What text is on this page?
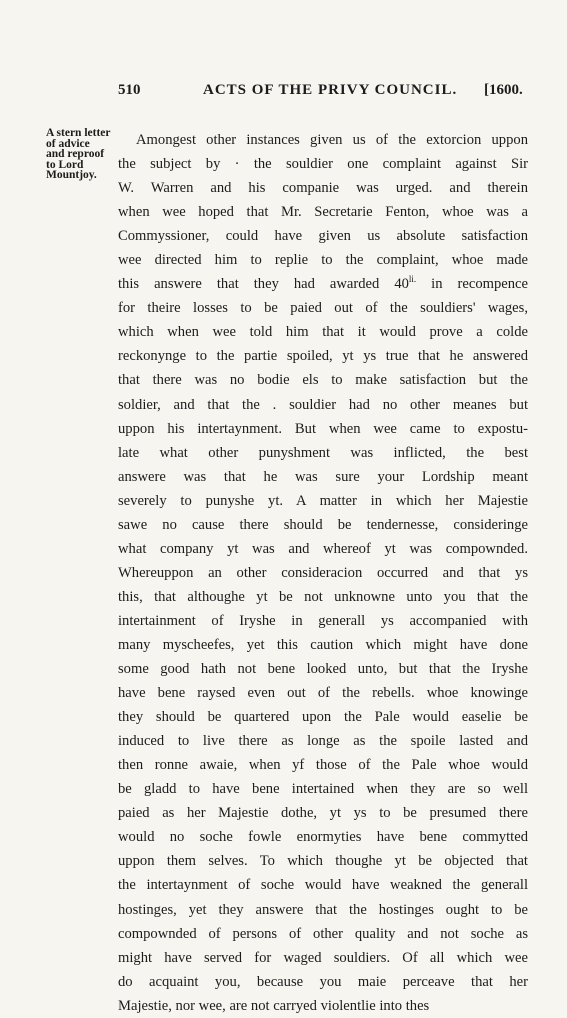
510	ACTS OF THE PRIVY COUNCIL. [1600.
A stern letter
of advice
and reproof
to Lord
Mountjoy.
Amongest other instances given us of the extorcion uppon
the subject by · the souldier one complaint against Sir
W. Warren and his companie was urged. and therein
when wee hoped that Mr. Secretarie Fenton, whoe was a
Commyssioner, could have given us absolute satisfaction
wee directed him to replie to the complaint, whoe made
this answere that they had awarded $40^{li.}$ in recompence
for theire losses to be paied out of the souldiers' wages,
which when wee told him that it would prove a colde
reckonynge to the partie spoiled, yt ys true that he answered
that there was no bodie els to make satisfaction but the
soldier, and that the . souldier had no other meanes but
uppon his intertaynment. But when wee came to expostu-
late what other punyshment was inflicted, the best
answere was that he was sure your Lordship meant
severely to punyshe yt. A matter in which her Majestie
sawe no cause there should be tendernesse, consideringe
what company yt was and whereof yt was compownded.
Whereuppon an other consideracion occurred and that ys
this, that althoughe yt be not unknowne unto you that the
intertainment of Iryshe in generall ys accompanied with
many myscheefes, yet this caution which might have done
some good hath not bene looked unto, but that the Iryshe
have bene raysed even out of the rebells. whoe knowinge
they should be quartered upon the Pale would easelie be
induced to live there as longe as the spoile lasted and
then ronne awaie, when yf those of the Pale whoe would
be gladd to have bene intertained when they are so well
paied as her Majestie dothe, yt ys to be presumed there
would no soche fowle enormyties have bene commytted
uppon them selves. To which thoughe yt be objected that
the intertaynment of soche would have weakned the generall
hostinges, yet they answere that the hostinges ought to be
compownded of persons of other quality and not soche as
might have served for waged souldiers. Of all which wee
do acquaint you, because you maie perceave that her
Majestie, nor wee, are not carryed violentlie into thes
